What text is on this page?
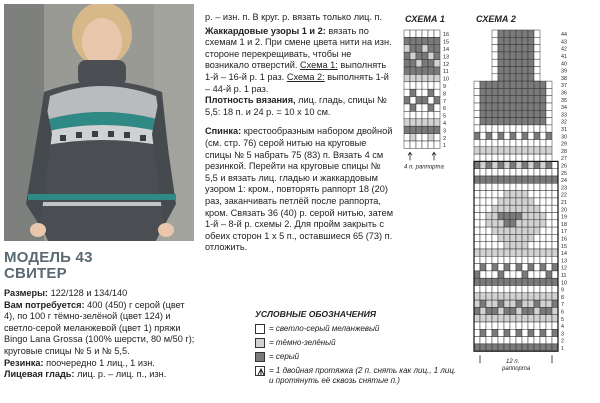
МОДЕЛЬ 43
СВИТЕР

Размеры: 122/128 и 134/140

Вам потребуется: 400 (450) г серой (цвет 4), по 100 г тёмно-зелёной (цвет 124) и светло-серой меланжевой (цвет 1) пряжи Bingo Lana Grossa (100% шерсти, 80 м/50 г); круговые спицы № 5 и № 5,5.

Резинка: поочередно 1 лиц., 1 изн.

Лицевая гладь: лиц. р. – лиц. п., изн.

р. – изн. п. В круг. р. вязать только лиц. п.

Жаккардовые узоры 1 и 2: вязать по схемам 1 и 2. При смене цвета нити на изн. стороне перекрещивать, чтобы не возникало отверстий. Схема 1: выполнять 1-й – 16-й р. 1 раз. Схема 2: выполнять 1-й – 44-й р. 1 раз.

Плотность вязания, лиц. гладь, спицы № 5,5: 18 п. и 24 р. = 10 х 10 см.

Спинка: крестообразным набором двойной (см. стр. 76) серой нитью на круговые спицы № 5 набрать 75 (83) п. Вязать 4 см резинкой. Перейти на круговые спицы № 5,5 и вязать лиц. гладью и жаккардовым узором 1: кром., повторять раппорт 18 (20) раз, заканчивать петлёй после раппорта, кром. Связать 36 (40) р. серой нитью, затем 1-й – 8-й р. схемы 2. Для пройм закрыть с обеих сторон 1 х 5 п., оставшиеся 65 (73) п. отложить.

УСЛОВНЫЕ ОБОЗНАЧЕНИЯ
= светло-серый меланжевый
= тёмно-зелёный
= серый
= 1 двойная протяжка (2 п. снять как лиц., 1 лиц. и протянуть её сквозь снятые п.)
СХЕМА 1
16
15
14
13
12
11
10
9
8
7
6
5
4
3
2
1
4 п. раппорта
СХЕМА 2
44
43
42
41
40
39
38
37
36
35
34
33
32
31
30
29
28
27
26
25
24
23
22
21
20
19
18
17
16
15
14
13
12
11
10
9
8
7
6
5
4
3
2
1
12 п.
раппорта
